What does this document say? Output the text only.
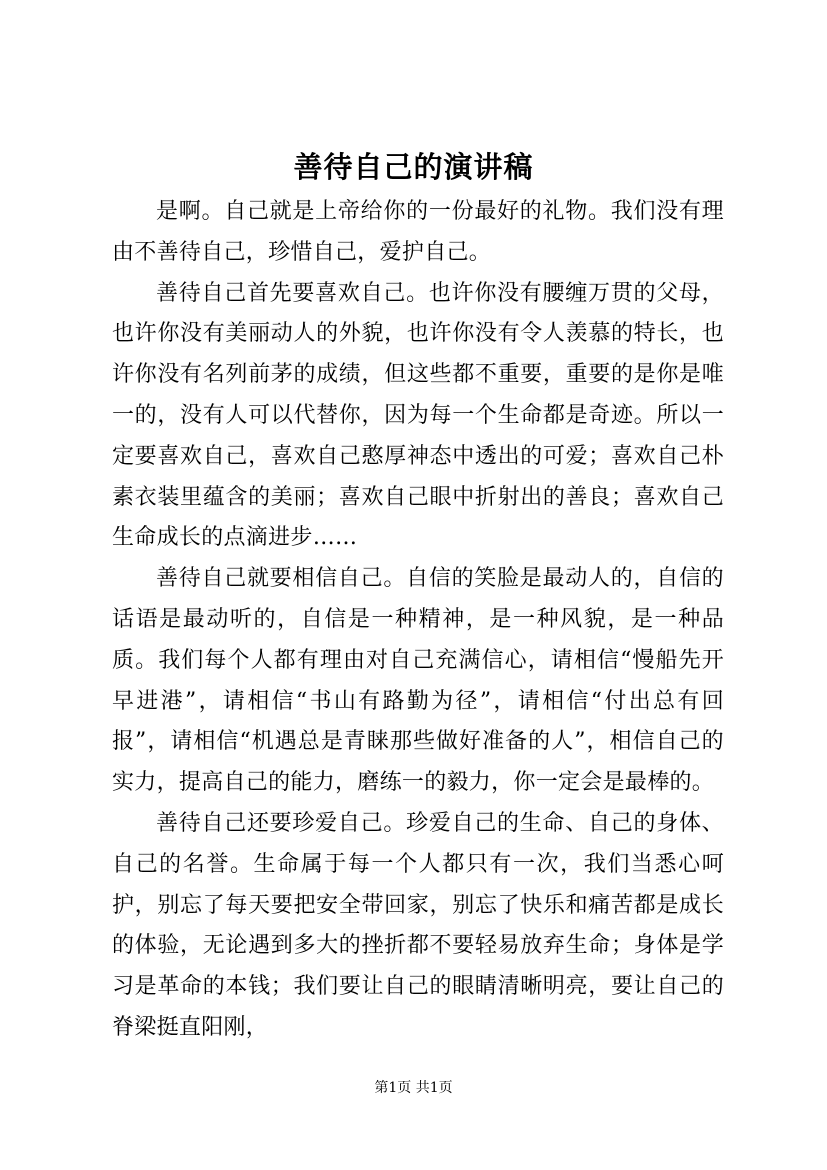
善待自己的演讲稿

是啊。自己就是上帝给你的一份最好的礼物。我们没有理由不善待自己，珍惜自己，爱护自己。

善待自己首先要喜欢自己。也许你没有腰缠万贯的父母，也许你没有美丽动人的外貌，也许你没有令人羡慕的特长，也许你没有名列前茅的成绩，但这些都不重要，重要的是你是唯一的，没有人可以代替你，因为每一个生命都是奇迹。所以一定要喜欢自己，喜欢自己憨厚神态中透出的可爱；喜欢自己朴素衣装里蕴含的美丽；喜欢自己眼中折射出的善良；喜欢自己生命成长的点滴进步……

善待自己就要相信自己。自信的笑脸是最动人的，自信的话语是最动听的，自信是一种精神，是一种风貌，是一种品质。我们每个人都有理由对自己充满信心，请相信“慢船先开早进港”，请相信“书山有路勤为径”，请相信“付出总有回报”，请相信“机遇总是青睐那些做好准备的人”，相信自己的实力，提高自己的能力，磨练一的毅力，你一定会是最棒的。

善待自己还要珍爱自己。珍爱自己的生命、自己的身体、自己的名誉。生命属于每一个人都只有一次，我们当悉心呵护，别忘了每天要把安全带回家，别忘了快乐和痛苦都是成长的体验，无论遇到多大的挫折都不要轻易放弃生命；身体是学习是革命的本钱；我们要让自己的眼睛清晰明亮，要让自己的脊梁挺直阳刚，

第1页 共1页
